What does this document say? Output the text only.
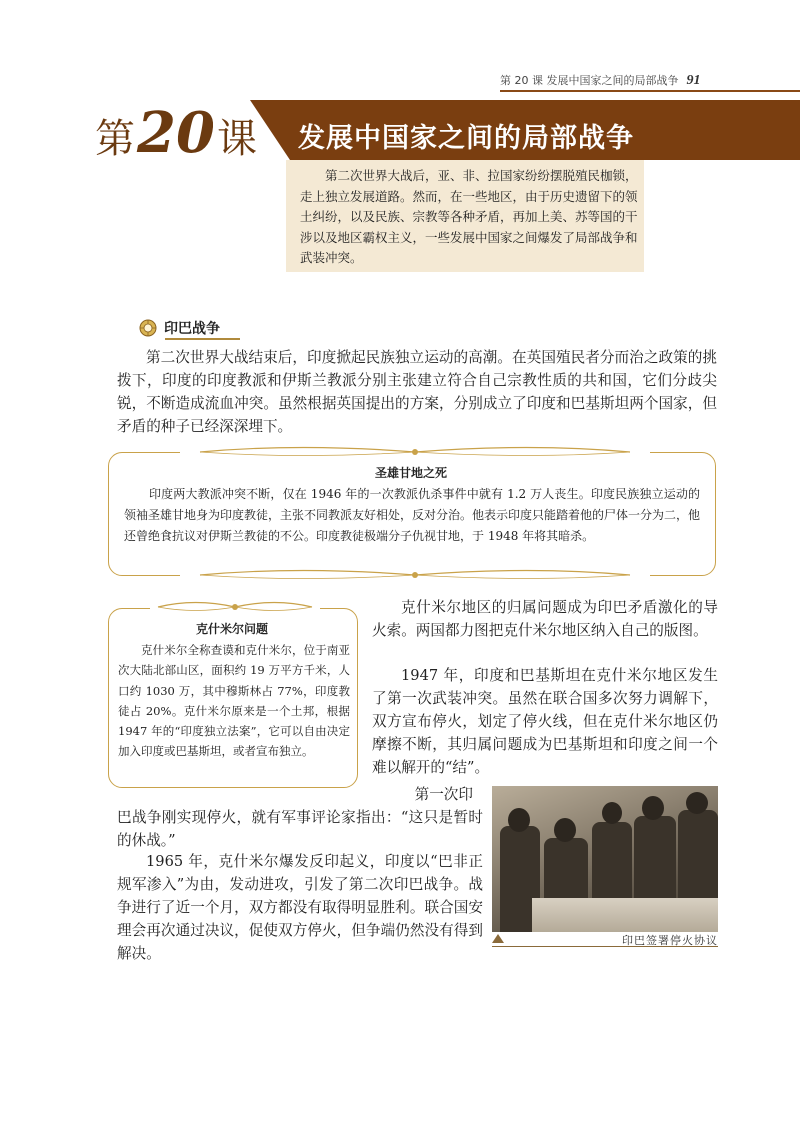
第 20 课 发展中国家之间的局部战争 91
发展中国家之间的局部战争
第 20 课

第二次世界大战后，亚、非、拉国家纷纷摆脱殖民枷锁，走上独立发展道路。然而，在一些地区，由于历史遗留下的领土纠纷，以及民族、宗教等各种矛盾，再加上美、苏等国的干涉以及地区霸权主义，一些发展中国家之间爆发了局部战争和武装冲突。

印巴战争

第二次世界大战结束后，印度掀起民族独立运动的高潮。在英国殖民者分而治之政策的挑拨下，印度的印度教派和伊斯兰教派分别主张建立符合自己宗教性质的共和国，它们分歧尖锐，不断造成流血冲突。虽然根据英国提出的方案，分别成立了印度和巴基斯坦两个国家，但矛盾的种子已经深深埋下。

圣雄甘地之死

印度两大教派冲突不断，仅在 1946 年的一次教派仇杀事件中就有 1.2 万人丧生。印度民族独立运动的领袖圣雄甘地身为印度教徒，主张不同教派友好相处，反对分治。他表示印度只能踏着他的尸体一分为二，他还曾绝食抗议对伊斯兰教徒的不公。印度教徒极端分子仇视甘地，于 1948 年将其暗杀。

克什米尔问题

克什米尔全称查谟和克什米尔，位于南亚次大陆北部山区，面积约 19 万平方千米，人口约 1030 万，其中穆斯林占 77%，印度教徒占 20%。克什米尔原来是一个土邦，根据 1947 年的“印度独立法案”，它可以自由决定加入印度或巴基斯坦，或者宣布独立。

克什米尔地区的归属问题成为印巴矛盾激化的导火索。两国都力图把克什米尔地区纳入自己的版图。

1947 年，印度和巴基斯坦在克什米尔地区发生了第一次武装冲突。虽然在联合国多次努力调解下，双方宣布停火，划定了停火线，但在克什米尔地区仍摩擦不断，其归属问题成为巴基斯坦和印度之间一个难以解开的“结”。

第一次印
巴战争刚实现停火，就有军事评论家指出：“这只是暂时的休战。”

1965 年，克什米尔爆发反印起义，印度以“巴非正规军渗入”为由，发动进攻，引发了第二次印巴战争。战争进行了近一个月，双方都没有取得明显胜利。联合国安理会再次通过决议，促使双方停火，但争端仍然没有得到解决。

印巴签署停火协议
